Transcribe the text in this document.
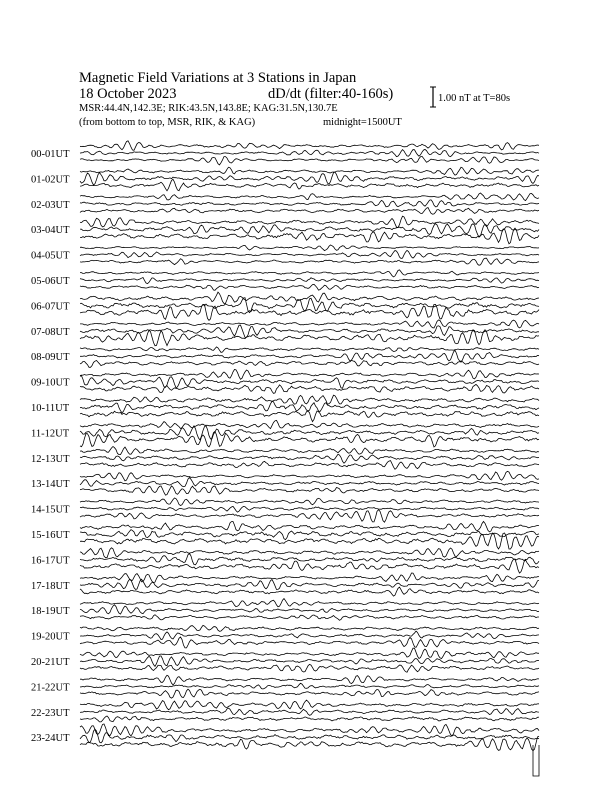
Magnetic Field Variations at 3 Stations in Japan
18 October 2023	dD/dt (filter:40-160s)
MSR:44.4N,142.3E; RIK:43.5N,143.8E; KAG:31.5N,130.7E
(from bottom to top, MSR, RIK, & KAG)	midnight=1500UT
1.00 nT at T=80s
00-01UT
01-02UT
02-03UT
03-04UT
04-05UT
05-06UT
06-07UT
07-08UT
08-09UT
09-10UT
10-11UT
11-12UT
12-13UT
13-14UT
14-15UT
15-16UT
16-17UT
17-18UT
18-19UT
19-20UT
20-21UT
21-22UT
22-23UT
23-24UT
